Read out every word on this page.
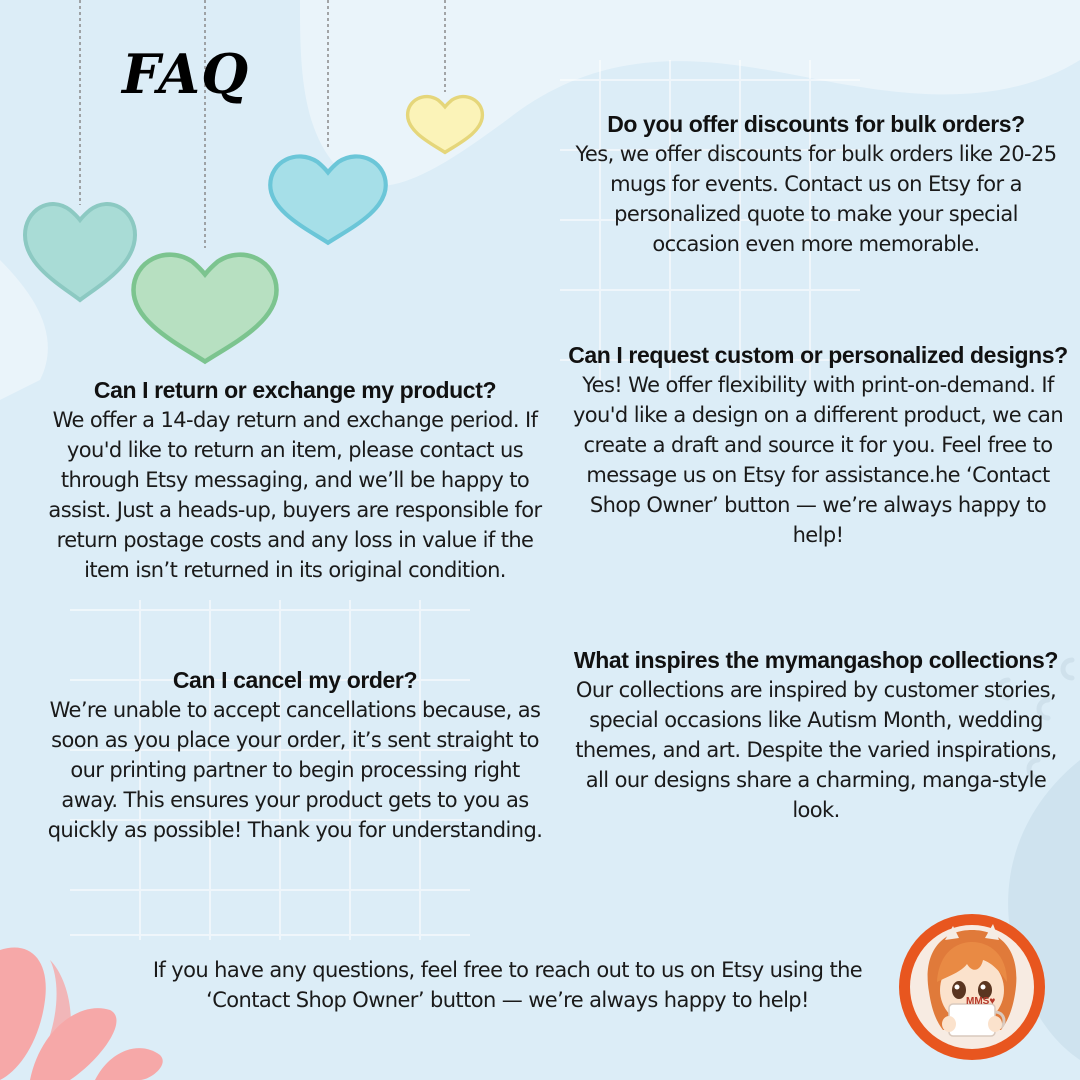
FAQ

Can I return or exchange my product?

We offer a 14-day return and exchange period. If you'd like to return an item, please contact us through Etsy messaging, and we’ll be happy to assist. Just a heads-up, buyers are responsible for return postage costs and any loss in value if the item isn’t returned in its original condition.

Can I cancel my order?

We’re unable to accept cancellations because, as soon as you place your order, it’s sent straight to our printing partner to begin processing right away. This ensures your product gets to you as quickly as possible! Thank you for understanding.

Do you offer discounts for bulk orders?

Yes, we offer discounts for bulk orders like 20-25 mugs for events. Contact us on Etsy for a personalized quote to make your special occasion even more memorable.

Can I request custom or personalized designs?

Yes! We offer flexibility with print-on-demand. If you'd like a design on a different product, we can create a draft and source it for you. Feel free to message us on Etsy for assistance.he ‘Contact Shop Owner’ button — we’re always happy to help!

What inspires the mymangashop collections?

Our collections are inspired by customer stories, special occasions like Autism Month, wedding themes, and art. Despite the varied inspirations, all our designs share a charming, manga-style look.

If you have any questions, feel free to reach out to us on Etsy using the ‘Contact Shop Owner’ button — we’re always happy to help!	MMS♥
